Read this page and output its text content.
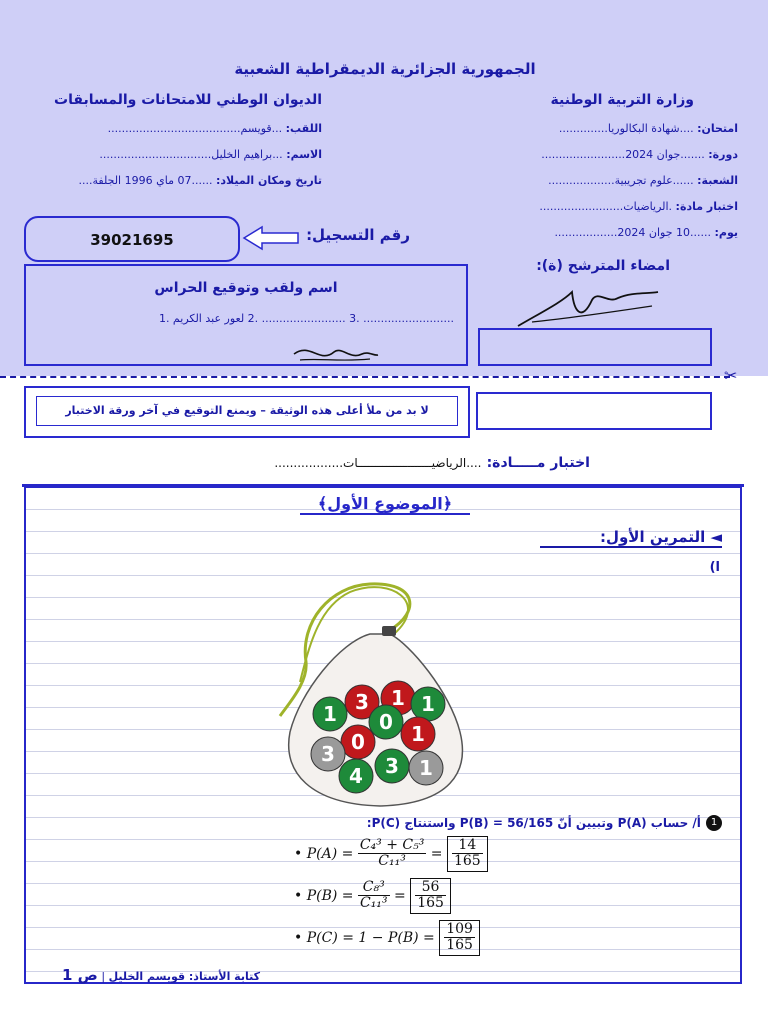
الجمهورية الجزائرية الديمقراطية الشعبية
وزارة التربية الوطنية
الديوان الوطني للامتحانات والمسابقات
امتحان: ....شهادة البكالوريا..............
دورة: .......جوان 2024........................
الشعبة: ......علوم تجريبية...................
اختبار مادة: .الرياضيات........................
يوم: ......10 جوان 2024..................
اللقب: ...قويسم......................................
الاسم: ...براهيم الخليل................................
تاريخ ومكان الميلاد: ......07 ماي 1996 الجلفة....
رقم التسجيل:
39021695
اسم ولقب وتوقيع الحراس
.......................... .3 ........................ .2 لعور عبد الكريم .1
امضاء المترشح (ة):
✂
لا بد من ملأ أعلى هذه الوثيقة – ويمنع التوقيع في آخر ورقة الاختبار
اختبار مـــــادة: ....الرياضيـــــــــــــــــــــات..................
﴿الموضوع الأول﴾
◄ التمرين الأول:
ا)
3 1
1 0
1
0 1
3
4 3 1
1 أ/ حساب P(A) وتبيين أنّ P(B) = 56/165 واستنتاج P(C):
• $P(A) = \frac{\text{C₄³ + C₅³}}{\text{C₁₁³}} = \frac{14}{165}$
• $P(B) = \frac{\text{C₈³}}{\text{C₁₁³}} = \frac{56}{165}$
• $P(C) = 1 - P(B) = \frac{109}{165}$
كتابة الأستاذ: قويسم الخليل | ص 1
